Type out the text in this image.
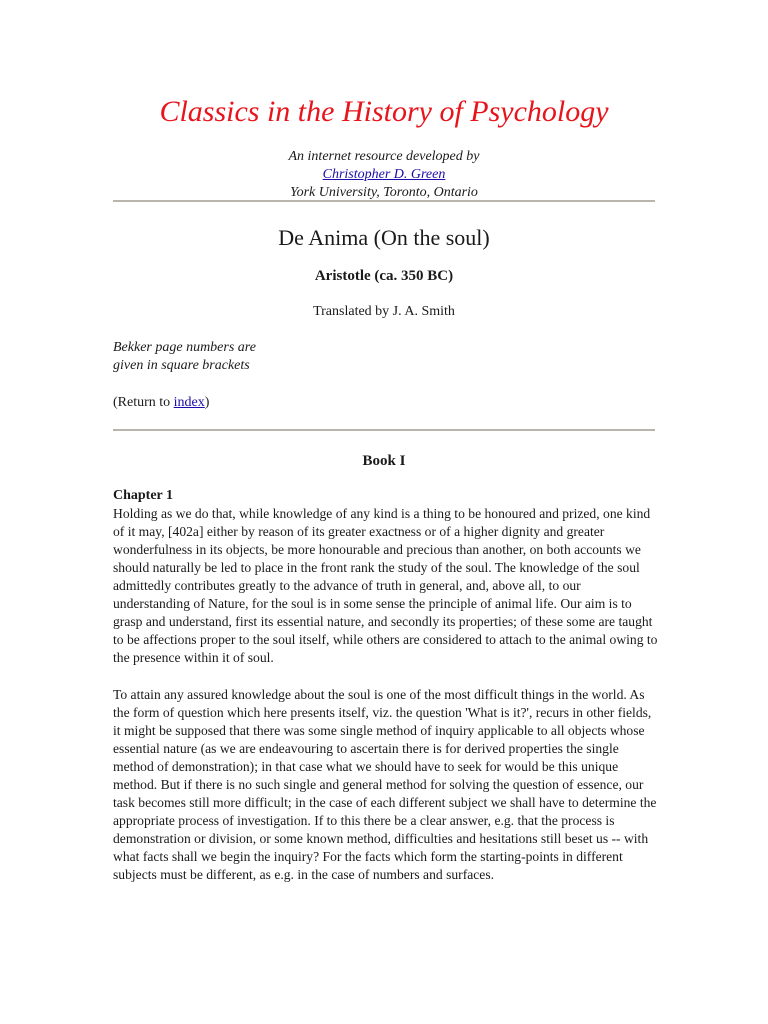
Classics in the History of Psychology
An internet resource developed by
Christopher D. Green
York University, Toronto, Ontario
De Anima (On the soul)
Aristotle (ca. 350 BC)
Translated by J. A. Smith
Bekker page numbers are
given in square brackets
(Return to index)
Book I
Chapter 1

Holding as we do that, while knowledge of any kind is a thing to be honoured and prized, one kind of it may, [402a] either by reason of its greater exactness or of a higher dignity and greater wonderfulness in its objects, be more honourable and precious than another, on both accounts we should naturally be led to place in the front rank the study of the soul. The knowledge of the soul admittedly contributes greatly to the advance of truth in general, and, above all, to our understanding of Nature, for the soul is in some sense the principle of animal life. Our aim is to grasp and understand, first its essential nature, and secondly its properties; of these some are taught to be affections proper to the soul itself, while others are considered to attach to the animal owing to the presence within it of soul.

To attain any assured knowledge about the soul is one of the most difficult things in the world. As the form of question which here presents itself, viz. the question 'What is it?', recurs in other fields, it might be supposed that there was some single method of inquiry applicable to all objects whose essential nature (as we are endeavouring to ascertain there is for derived properties the single method of demonstration); in that case what we should have to seek for would be this unique method. But if there is no such single and general method for solving the question of essence, our task becomes still more difficult; in the case of each different subject we shall have to determine the appropriate process of investigation. If to this there be a clear answer, e.g. that the process is demonstration or division, or some known method, difficulties and hesitations still beset us -- with what facts shall we begin the inquiry? For the facts which form the starting-points in different subjects must be different, as e.g. in the case of numbers and surfaces.
